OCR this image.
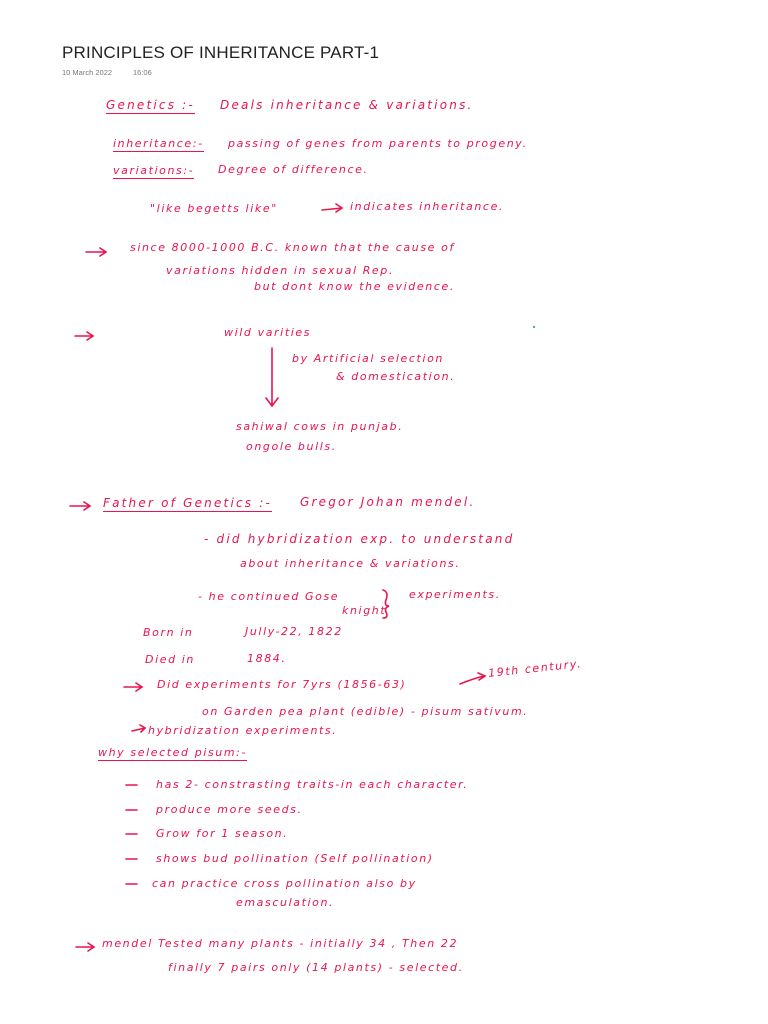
PRINCIPLES OF INHERITANCE PART-1
10 March 2022	16:06
Genetics :- Deals inheritance & variations.
inheritance:- passing of genes from parents to progeny.
variations:- Degree of difference.
"like begetts like"	indicates inheritance.
since 8000-1000 B.C. known that the cause of
variations hidden in sexual Rep.
but dont know the evidence.
wild varities
by Artificial selection
& domestication.
sahiwal cows in punjab.
ongole bulls.
Father of Genetics :- Gregor Johan mendel.
- did hybridization exp. to understand
about inheritance & variations.
- he continued Gose
knight
experiments.
Born in	Jully-22, 1822
Died in	1884.
Did experiments for 7yrs (1856-63)
19th century.
on Garden pea plant (edible) - pisum sativum.
hybridization experiments.
why selected pisum:-
has 2- constrasting traits-in each character.
produce more seeds.
Grow for 1 season.
shows bud pollination (Self pollination)
can practice cross pollination also by
emasculation.
mendel Tested many plants - initially 34 , Then 22
finally 7 pairs only (14 plants) - selected.
